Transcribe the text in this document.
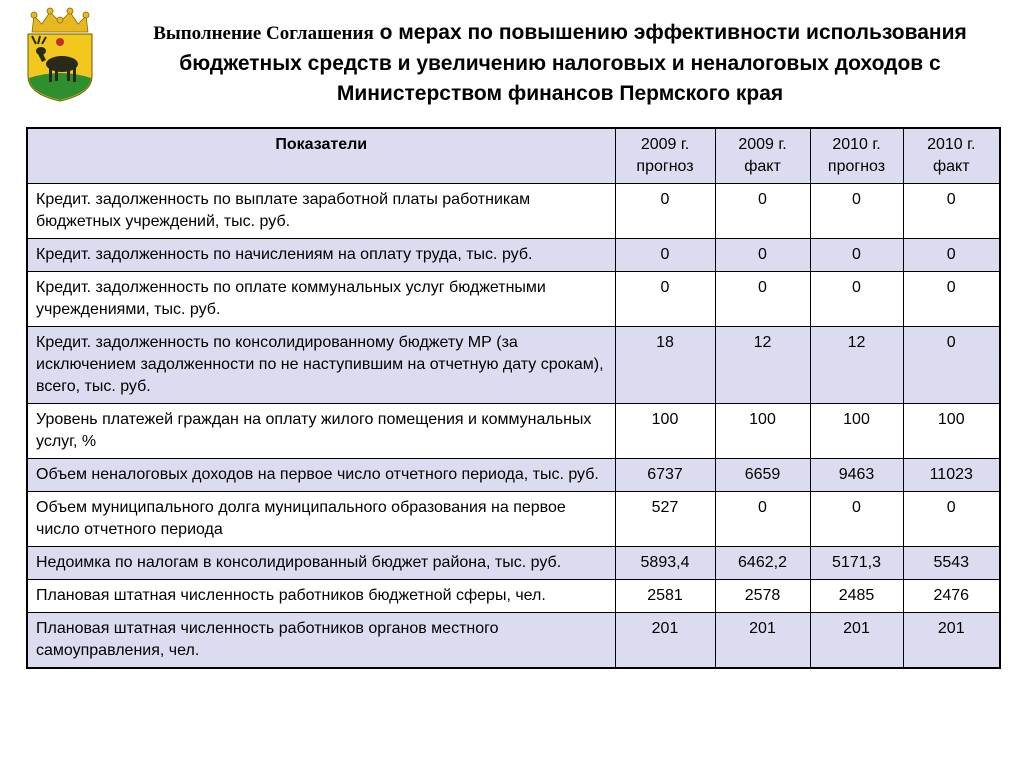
Выполнение Соглашения о мерах по повышению эффективности использования бюджетных средств и увеличению налоговых и неналоговых доходов с Министерством финансов Пермского края
Показатели	2009 г. прогноз	2009 г. факт	2010 г. прогноз	2010 г. факт
Кредит. задолженность по выплате заработной платы работникам бюджетных учреждений, тыс. руб.	0	0	0	0
Кредит. задолженность по начислениям на оплату труда, тыс. руб.	0	0	0	0
Кредит. задолженность по оплате коммунальных услуг бюджетными учреждениями, тыс. руб.	0	0	0	0
Кредит. задолженность по консолидированному бюджету МР (за исключением задолженности по не наступившим на отчетную дату срокам), всего, тыс. руб.	18	12	12	0
Уровень платежей граждан на оплату жилого помещения и коммунальных услуг, %	100	100	100	100
Объем неналоговых доходов на первое число отчетного периода, тыс. руб.	6737	6659	9463	11023
Объем муниципального долга муниципального образования на первое число отчетного периода	527	0	0	0
Недоимка по налогам в консолидированный бюджет района, тыс. руб.	5893,4	6462,2	5171,3	5543
Плановая штатная численность работников бюджетной сферы, чел.	2581	2578	2485	2476
Плановая штатная численность работников органов местного самоуправления, чел.	201	201	201	201
